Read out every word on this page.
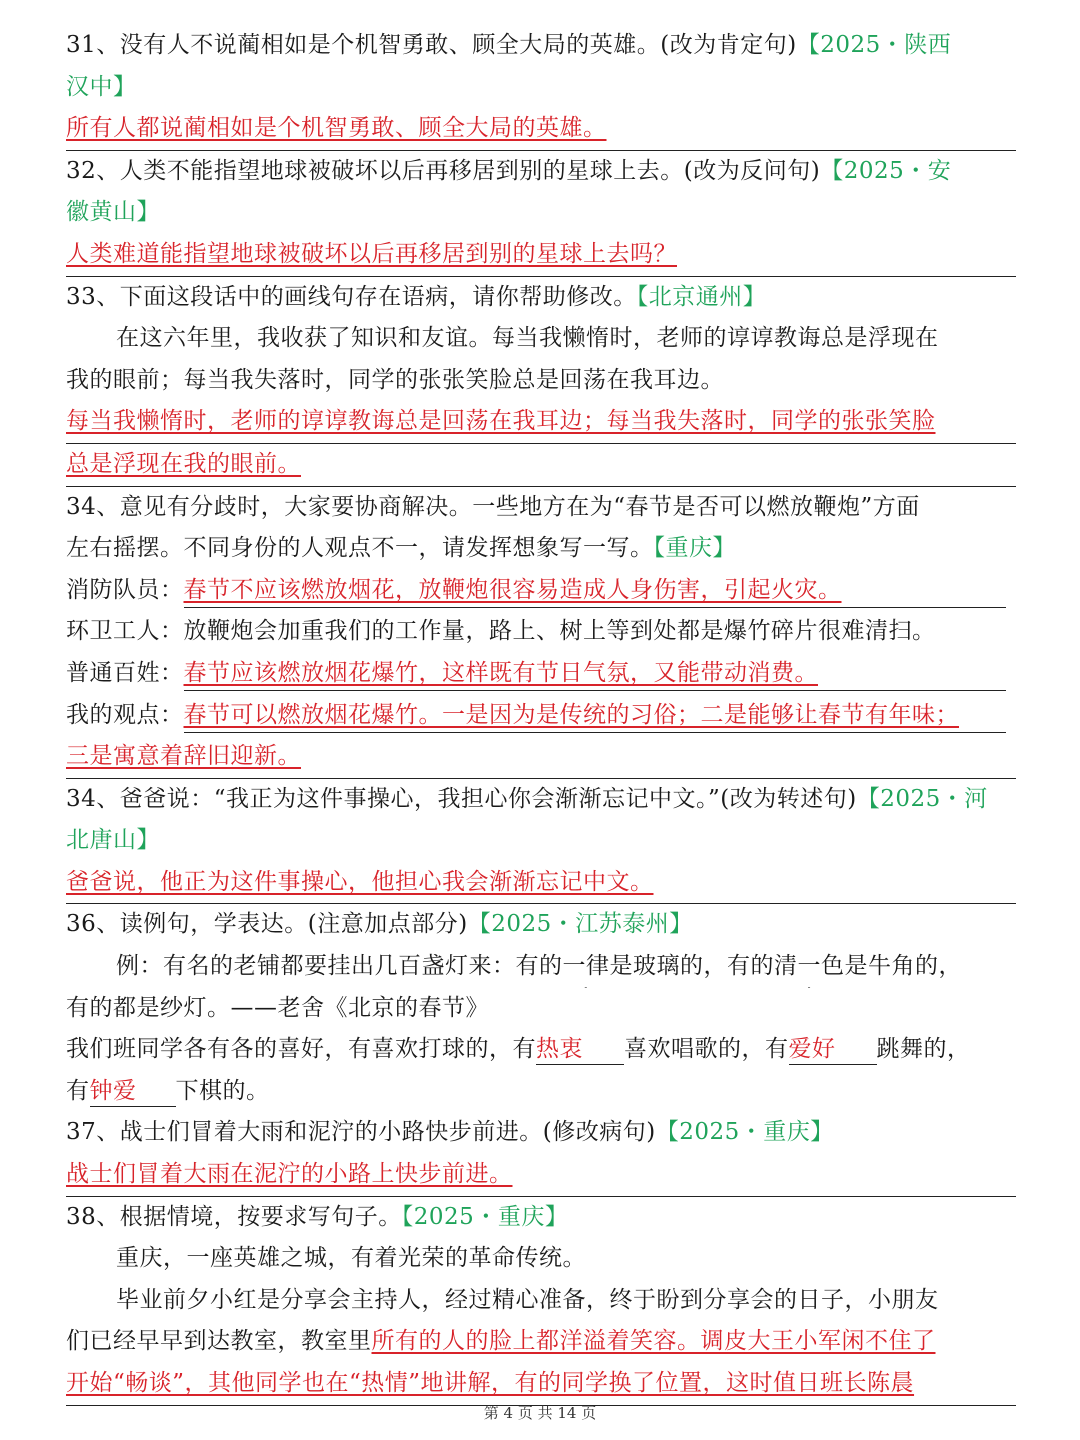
31、没有人不说蔺相如是个机智勇敢、顾全大局的英雄。(改为肯定句)【2025・陕西
汉中】
所有人都说蔺相如是个机智勇敢、顾全大局的英雄。
32、人类不能指望地球被破坏以后再移居到别的星球上去。(改为反问句)【2025・安
徽黄山】
人类难道能指望地球被破坏以后再移居到别的星球上去吗？
33、下面这段话中的画线句存在语病，请你帮助修改。【北京通州】
在这六年里，我收获了知识和友谊。每当我懒惰时，老师的谆谆教诲总是浮现在
我的眼前；每当我失落时，同学的张张笑脸总是回荡在我耳边。
每当我懒惰时，老师的谆谆教诲总是回荡在我耳边；每当我失落时，同学的张张笑脸
总是浮现在我的眼前。
34、意见有分歧时，大家要协商解决。一些地方在为“春节是否可以燃放鞭炮”方面
左右摇摆。不同身份的人观点不一，请发挥想象写一写。【重庆】
消防队员：春节不应该燃放烟花，放鞭炮很容易造成人身伤害，引起火灾。
环卫工人：放鞭炮会加重我们的工作量，路上、树上等到处都是爆竹碎片很难清扫。
普通百姓：春节应该燃放烟花爆竹，这样既有节日气氛，又能带动消费。
我的观点：春节可以燃放烟花爆竹。一是因为是传统的习俗；二是能够让春节有年味；
三是寓意着辞旧迎新。
34、爸爸说：“我正为这件事操心，我担心你会渐渐忘记中文。”(改为转述句)【2025・河
北唐山】
爸爸说，他正为这件事操心，他担心我会渐渐忘记中文。
36、读例句，学表达。(注意加点部分)【2025・江苏泰州】
例：有名的老铺都要挂出几百盏灯来：有的一律是玻璃的，有的清一色是牛角的，
有的都是纱灯。——老舍《北京的春节》
我们班同学各有各的喜好，有喜欢打球的，有热衷 喜欢唱歌的，有爱好 跳舞的，
有钟爱 下棋的。
37、战士们冒着大雨和泥泞的小路快步前进。(修改病句)【2025・重庆】
战士们冒着大雨在泥泞的小路上快步前进。
38、根据情境，按要求写句子。【2025・重庆】
重庆，一座英雄之城，有着光荣的革命传统。
毕业前夕小红是分享会主持人，经过精心准备，终于盼到分享会的日子，小朋友
们已经早早到达教室，教室里所有的人的脸上都洋溢着笑容。调皮大王小军闲不住了
开始“畅谈”，其他同学也在“热情”地讲解，有的同学换了位置，这时值日班长陈晨
第 4 页 共 14 页
